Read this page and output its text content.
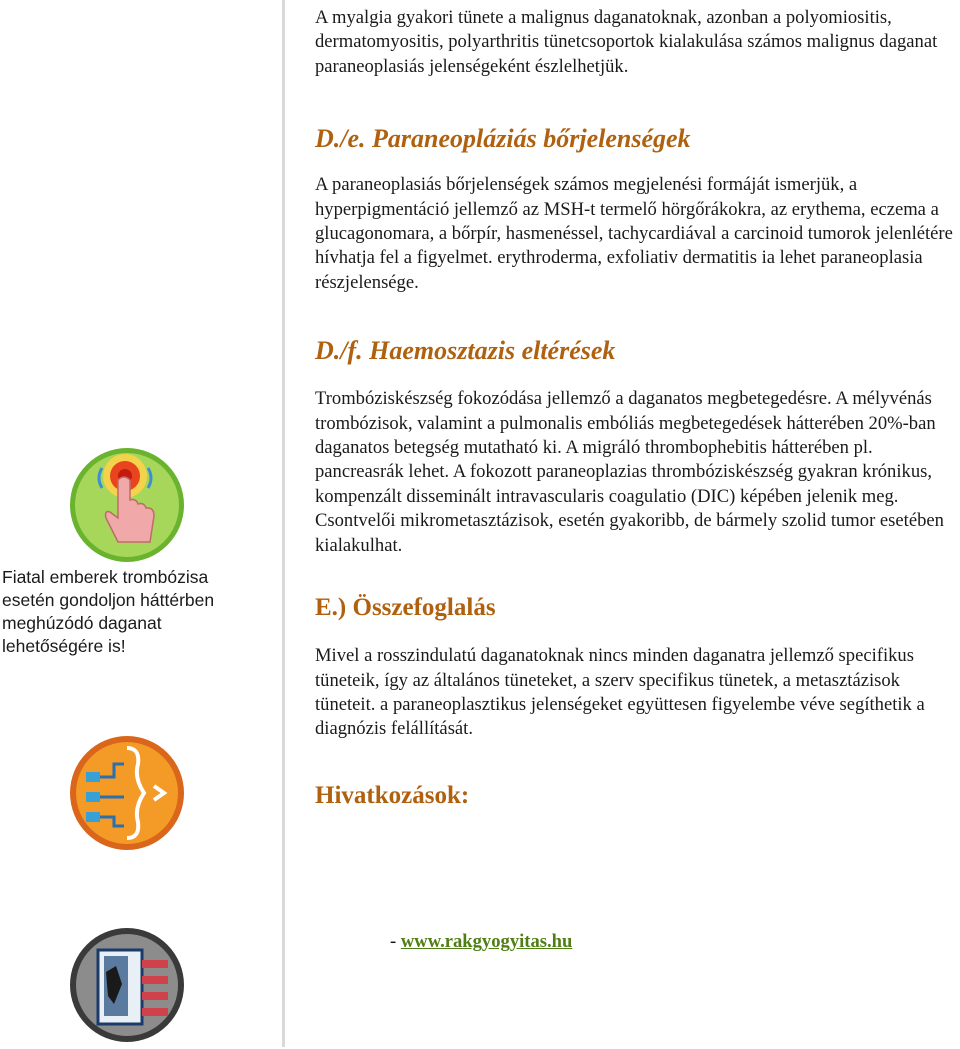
Fiatal emberek trombózisa esetén gondoljon háttérben meghúzódó daganat lehetőségére is!

A myalgia gyakori tünete a malignus daganatoknak, azonban a polyomiositis, dermatomyositis, polyarthritis tünetcsoportok kialakulása számos malignus daganat paraneoplasiás jelenségeként észlelhetjük.

D./e. Paraneopláziás bőrjelenségek

A paraneoplasiás bőrjelenségek számos megjelenési formáját ismerjük, a hyperpigmentáció jellemző az MSH-t termelő hörgőrákokra, az erythema, eczema a glucagonomara, a bőrpír, hasmenéssel, tachycardiával a carcinoid tumorok jelenlétére hívhatja fel a figyelmet. erythroderma, exfoliativ dermatitis ia lehet paraneoplasia részjelensége.

D./f. Haemosztazis eltérések

Trombóziskészség fokozódása jellemző a daganatos megbetegedésre. A mélyvénás trombózisok, valamint a pulmonalis embóliás megbetegedések hátterében 20%-ban daganatos betegség mutatható ki. A migráló thrombophebitis hátterében pl. pancreasrák lehet. A fokozott paraneoplazias thrombóziskészség gyakran krónikus, kompenzált disseminált intravascularis coagulatio (DIC) képében jelenik meg. Csontvelői mikrometasztázisok, esetén gyakoribb, de bármely szolid tumor esetében kialakulhat.

E.) Összefoglalás

Mivel a rosszindulatú daganatoknak nincs minden daganatra jellemző specifikus tüneteik, így az általános tüneteket, a szerv specifikus tünetek, a metasztázisok tüneteit. a paraneoplasztikus jelenségeket együttesen figyelembe véve segíthetik a diagnózis felállítását.

Hivatkozások:
- www.rakgyogyitas.hu
